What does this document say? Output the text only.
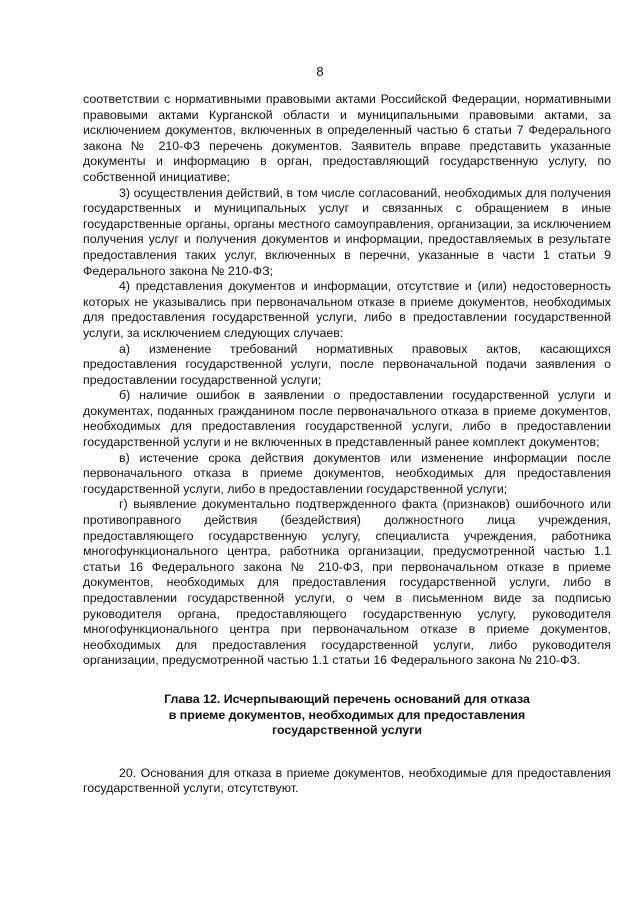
8

соответствии с нормативными правовыми актами Российской Федерации, нормативными правовыми актами Курганской области и муниципальными правовыми актами, за исключением документов, включенных в определенный частью 6 статьи 7 Федерального закона № 210-ФЗ перечень документов. Заявитель вправе представить указанные документы и информацию в орган, предоставляющий государственную услугу, по собственной инициативе;

3) осуществления действий, в том числе согласований, необходимых для получения государственных и муниципальных услуг и связанных с обращением в иные государственные органы, органы местного самоуправления, организации, за исключением получения услуг и получения документов и информации, предоставляемых в результате предоставления таких услуг, включенных в перечни, указанные в части 1 статьи 9 Федерального закона № 210-ФЗ;

4) представления документов и информации, отсутствие и (или) недостоверность которых не указывались при первоначальном отказе в приеме документов, необходимых для предоставления государственной услуги, либо в предоставлении государственной услуги, за исключением следующих случаев:

а) изменение требований нормативных правовых актов, касающихся предоставления государственной услуги, после первоначальной подачи заявления о предоставлении государственной услуги;

б) наличие ошибок в заявлении о предоставлении государственной услуги и документах, поданных гражданином после первоначального отказа в приеме документов, необходимых для предоставления государственной услуги, либо в предоставлении государственной услуги и не включенных в представленный ранее комплект документов;

в) истечение срока действия документов или изменение информации после первоначального отказа в приеме документов, необходимых для предоставления государственной услуги, либо в предоставлении государственной услуги;

г) выявление документально подтвержденного факта (признаков) ошибочного или противоправного действия (бездействия) должностного лица учреждения, предоставляющего государственную услугу, специалиста учреждения, работника многофункционального центра, работника организации, предусмотренной частью 1.1 статьи 16 Федерального закона № 210-ФЗ, при первоначальном отказе в приеме документов, необходимых для предоставления государственной услуги, либо в предоставлении государственной услуги, о чем в письменном виде за подписью руководителя органа, предоставляющего государственную услугу, руководителя многофункционального центра при первоначальном отказе в приеме документов, необходимых для предоставления государственной услуги, либо руководителя организации, предусмотренной частью 1.1 статьи 16 Федерального закона № 210-ФЗ.

Глава 12. Исчерпывающий перечень оснований для отказа
в приеме документов, необходимых для предоставления
государственной услуги

20. Основания для отказа в приеме документов, необходимые для предоставления государственной услуги, отсутствуют.
